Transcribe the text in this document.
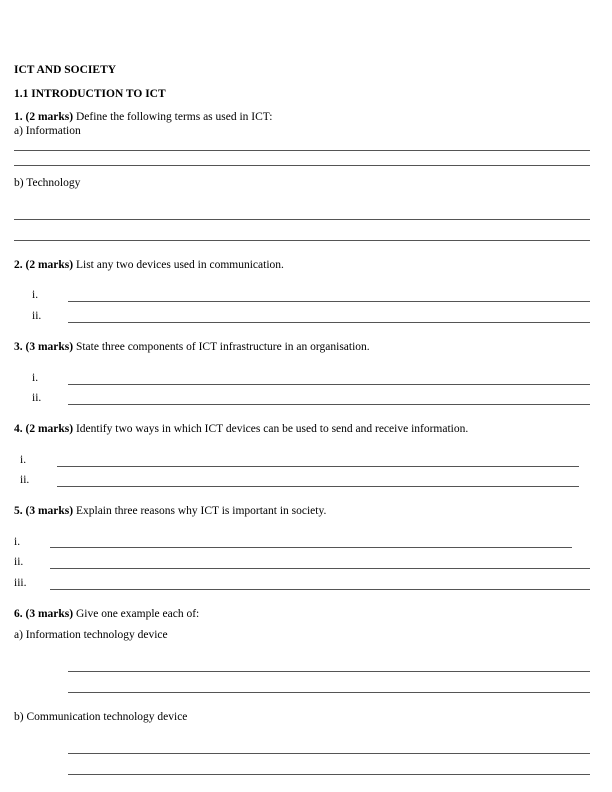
ICT AND SOCIETY
1.1 INTRODUCTION TO ICT
1. (2 marks) Define the following terms as used in ICT:
a) Information
b) Technology
2. (2 marks) List any two devices used in communication.
i.
ii.
3. (3 marks) State three components of ICT infrastructure in an organisation.
i.
ii.
4. (2 marks) Identify two ways in which ICT devices can be used to send and receive information.
i.
ii.
5. (3 marks) Explain three reasons why ICT is important in society.
i.
ii.
iii.
6. (3 marks) Give one example each of:
a) Information technology device
b) Communication technology device
